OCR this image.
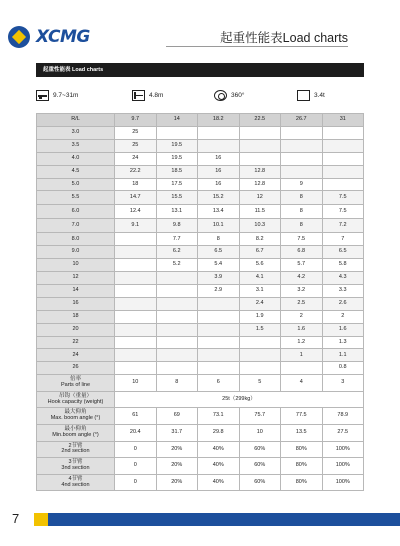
XCMG	起重性能表Load charts
起重性能表 Load charts
9.7~31m	4.8m	360°	3.4t
R/L	9.7	14	18.2	22.5	26.7	31
3.0	25					
3.5	25	19.5				
4.0	24	19.5	16			
4.5	22.2	18.5	16	12.8		
5.0	18	17.5	16	12.8	9	
5.5	14.7	15.5	15.2	12	8	7.5
6.0	12.4	13.1	13.4	11.5	8	7.5
7.0	9.1	9.8	10.1	10.3	8	7.2
8.0		7.7	8	8.2	7.5	7
9.0		6.2	6.5	6.7	6.8	6.5
10		5.2	5.4	5.6	5.7	5.8
12			3.9	4.1	4.2	4.3
14			2.9	3.1	3.2	3.3
16				2.4	2.5	2.6
18				1.9	2	2
20				1.5	1.6	1.6
22					1.2	1.3
24					1	1.1
26						0.8

倍率
Parts of line	10	8	6	5	4	3

吊钩（重量）
Hook capacity (weight)	25t（299kg）					

最大仰角
Max. boom angle (°)	61	69	73.1	75.7	77.5	78.9

最小仰角
Min.boom angle (°)	20.4	31.7	29.8	10	13.5	27.5

2节臂
2nd section	0	20%	40%	60%	80%	100%

3节臂
3nd section	0	20%	40%	60%	80%	100%

4节臂
4nd section	0	20%	40%	60%	80%	100%
7
